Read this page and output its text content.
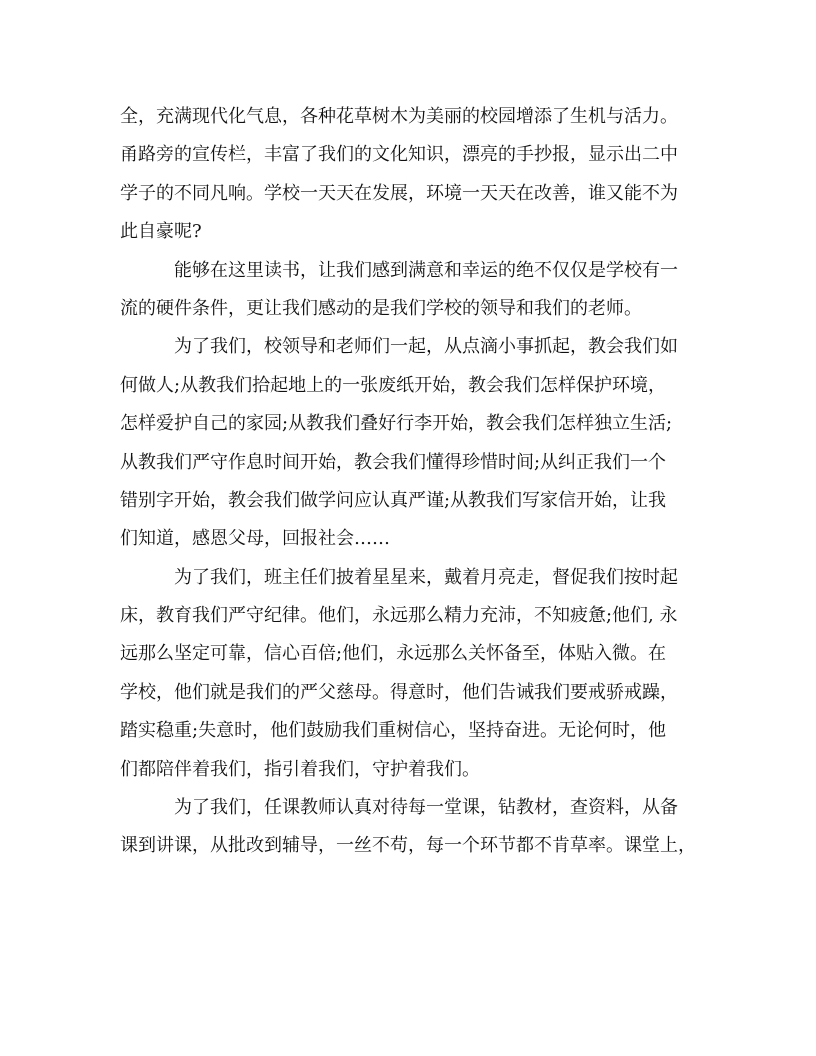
全，充满现代化气息，各种花草树木为美丽的校园增添了生机与活力。
甬路旁的宣传栏，丰富了我们的文化知识，漂亮的手抄报，显示出二中
学子的不同凡响。学校一天天在发展，环境一天天在改善，谁又能不为
此自豪呢?
能够在这里读书，让我们感到满意和幸运的绝不仅仅是学校有一
流的硬件条件，更让我们感动的是我们学校的领导和我们的老师。
为了我们，校领导和老师们一起，从点滴小事抓起，教会我们如
何做人;从教我们拾起地上的一张废纸开始，教会我们怎样保护环境，
怎样爱护自己的家园;从教我们叠好行李开始，教会我们怎样独立生活;
从教我们严守作息时间开始，教会我们懂得珍惜时间;从纠正我们一个
错别字开始，教会我们做学问应认真严谨;从教我们写家信开始，让我
们知道，感恩父母，回报社会……
为了我们，班主任们披着星星来，戴着月亮走，督促我们按时起
床，教育我们严守纪律。他们，永远那么精力充沛，不知疲惫;他们, 永
远那么坚定可靠，信心百倍;他们，永远那么关怀备至，体贴入微。在
学校，他们就是我们的严父慈母。得意时，他们告诫我们要戒骄戒躁，
踏实稳重;失意时，他们鼓励我们重树信心，坚持奋进。无论何时，他
们都陪伴着我们，指引着我们，守护着我们。
为了我们，任课教师认真对待每一堂课，钻教材，查资料，从备
课到讲课，从批改到辅导，一丝不苟，每一个环节都不肯草率。课堂上，
